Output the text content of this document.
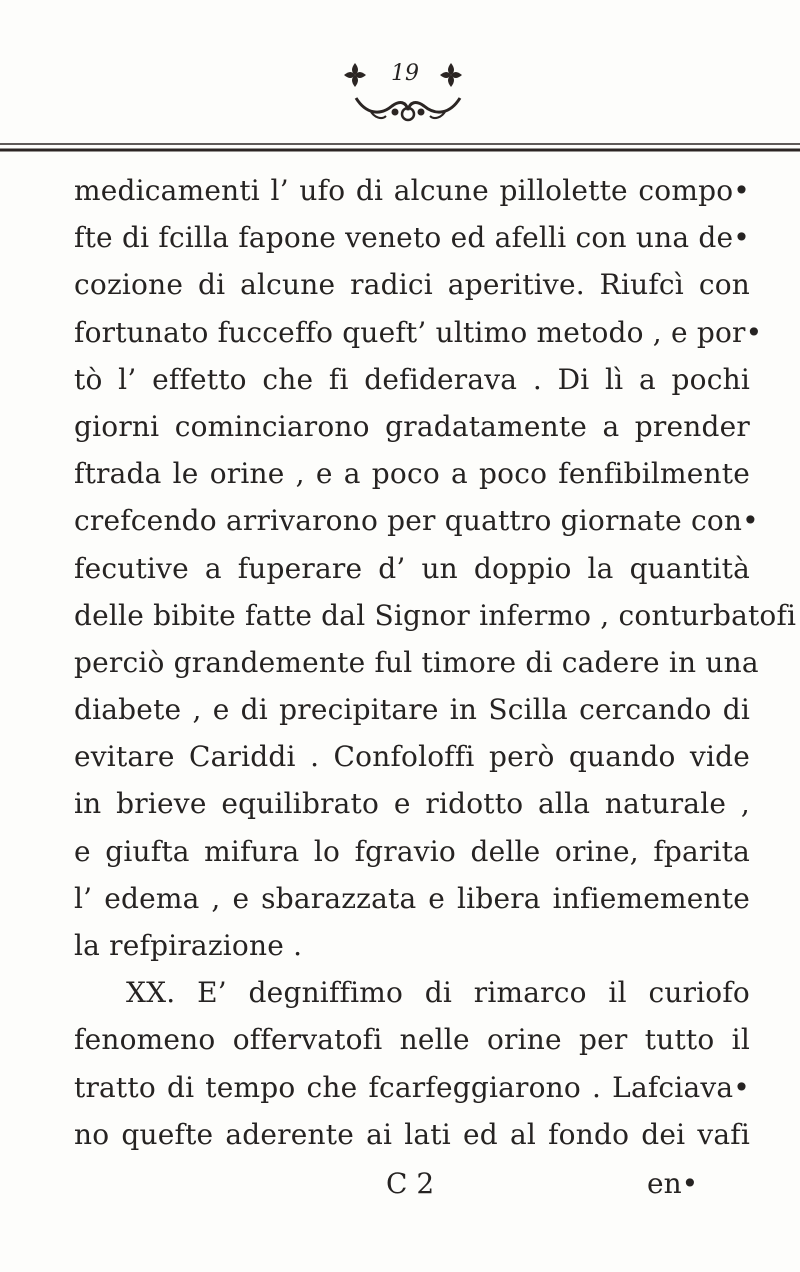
19
medicamenti l’ ufo di alcune pillolette compo•
fte di fcilla fapone veneto ed afelli con una de•
cozione di alcune radici aperitive. Riufcì con
fortunato fucceffo queft’ ultimo metodo , e por•
tò l’ effetto che fi defiderava . Di lì a pochi
giorni cominciarono gradatamente a prender
ftrada le orine , e a poco a poco fenfibilmente
crefcendo arrivarono per quattro giornate con•
fecutive a fuperare d’ un doppio la quantità
delle bibite fatte dal Signor infermo , conturbatofi
perciò grandemente ful timore di cadere in una
diabete , e di precipitare in Scilla cercando di
evitare Cariddi . Confoloffi però quando vide
in brieve equilibrato e ridotto alla naturale ,
e giufta mifura lo fgravio delle orine, fparita
l’ edema , e sbarazzata e libera infiememente
la refpirazione .
XX. E’ degniffimo di rimarco il curiofo
fenomeno offervatofi nelle orine per tutto il
tratto di tempo che fcarfeggiarono . Lafciava•
no quefte aderente ai lati ed al fondo dei vafi
C 2	en•
